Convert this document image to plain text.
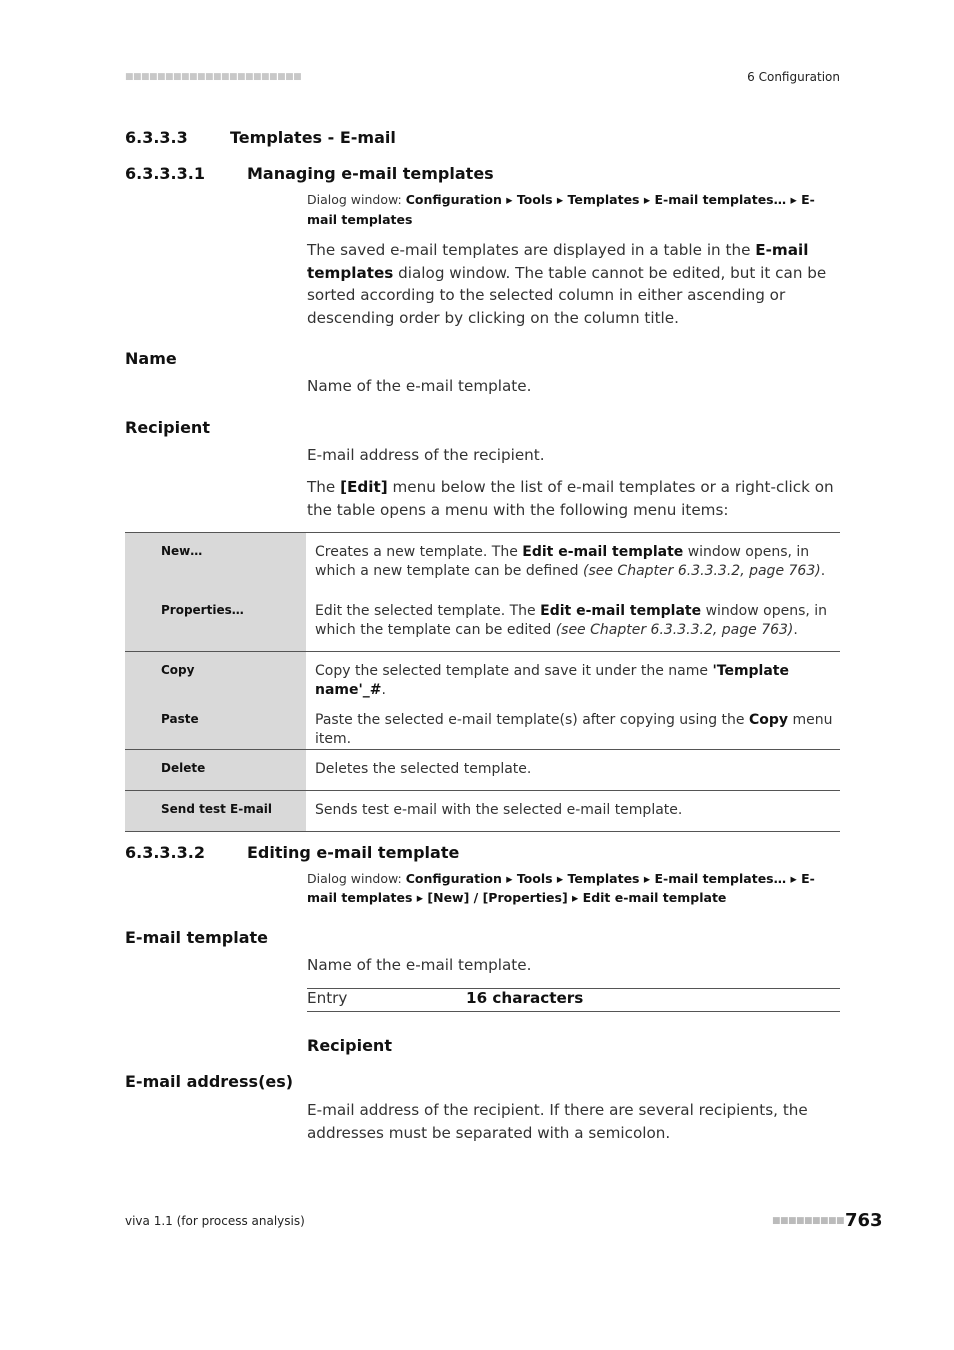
■■■■■■■■■■■■■■■■■■■■■■	6 Configuration
6.3.3.3	Templates - E-mail
6.3.3.3.1	Managing e-mail templates
Dialog window: Configuration ▸ Tools ▸ Templates ▸ E-mail templates… ▸ E-mail templates
The saved e-mail templates are displayed in a table in the E-mail templates dialog window. The table cannot be edited, but it can be sorted according to the selected column in either ascending or descending order by clicking on the column title.
Name
Name of the e-mail template.
Recipient
E-mail address of the recipient.
The [Edit] menu below the list of e-mail templates or a right-click on the table opens a menu with the following menu items:
New…	Creates a new template. The Edit e-mail template window opens, in which a new template can be defined (see Chapter 6.3.3.3.2, page 763).
Properties…	Edit the selected template. The Edit e-mail template window opens, in which the template can be edited (see Chapter 6.3.3.3.2, page 763).
Copy	Copy the selected template and save it under the name 'Template name'_#.
Paste	Paste the selected e-mail template(s) after copying using the Copy menu item.
Delete	Deletes the selected template.
Send test E-mail	Sends test e-mail with the selected e-mail template.
6.3.3.3.2	Editing e-mail template
Dialog window: Configuration ▸ Tools ▸ Templates ▸ E-mail templates… ▸ E-mail templates ▸ [New] / [Properties] ▸ Edit e-mail template
E-mail template
Name of the e-mail template.
Entry	16 characters
Recipient
E-mail address(es)
E-mail address of the recipient. If there are several recipients, the addresses must be separated with a semicolon.
viva 1.1 (for process analysis)	■■■■■■■■■ 763
